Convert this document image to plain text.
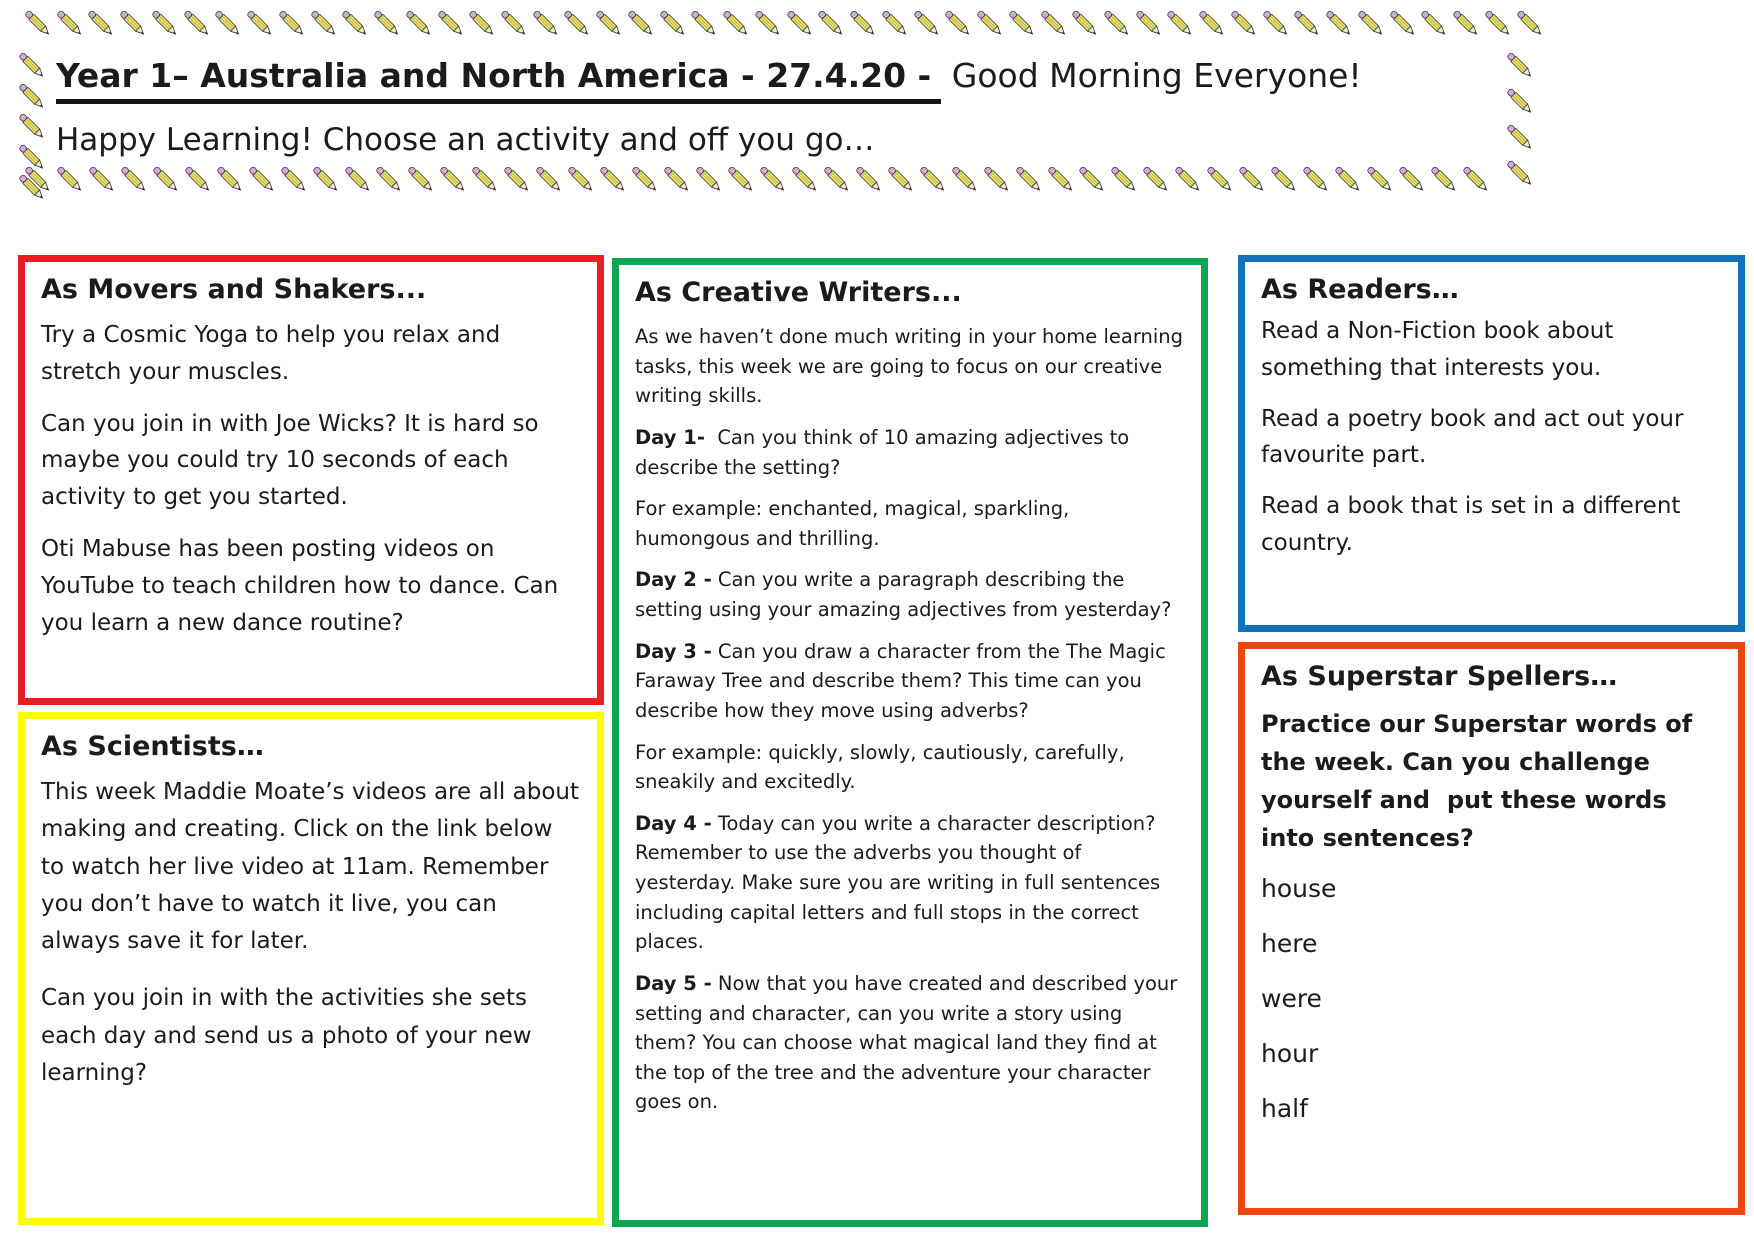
Year 1– Australia and North America - 27.4.20 - Good Morning Everyone!
Happy Learning! Choose an activity and off you go…
As Movers and Shakers...

Try a Cosmic Yoga to help you relax and stretch your muscles.

Can you join in with Joe Wicks? It is hard so maybe you could try 10 seconds of each activity to get you started.

Oti Mabuse has been posting videos on YouTube to teach children how to dance. Can you learn a new dance routine?

As Scientists…

This week Maddie Moate’s videos are all about making and creating. Click on the link below to watch her live video at 11am. Remember you don’t have to watch it live, you can always save it for later.

Can you join in with the activities she sets each day and send us a photo of your new learning?

As Creative Writers...

As we haven’t done much writing in your home learning tasks, this week we are going to focus on our creative writing skills.

Day 1-  Can you think of 10 amazing adjectives to describe the setting?

For example: enchanted, magical, sparkling, humongous and thrilling.

Day 2 - Can you write a paragraph describing the setting using your amazing adjectives from yesterday?

Day 3 - Can you draw a character from the The Magic Faraway Tree and describe them? This time can you describe how they move using adverbs?

For example: quickly, slowly, cautiously, carefully, sneakily and excitedly.

Day 4 - Today can you write a character description? Remember to use the adverbs you thought of yesterday. Make sure you are writing in full sentences including capital letters and full stops in the correct places.

Day 5 - Now that you have created and described your setting and character, can you write a story using them? You can choose what magical land they find at the top of the tree and the adventure your character goes on.

As Readers…

Read a Non-Fiction book about something that interests you.

Read a poetry book and act out your favourite part.

Read a book that is set in a different country.

As Superstar Spellers…

Practice our Superstar words of the week. Can you challenge yourself and  put these words into sentences?

house

here

were

hour

half
